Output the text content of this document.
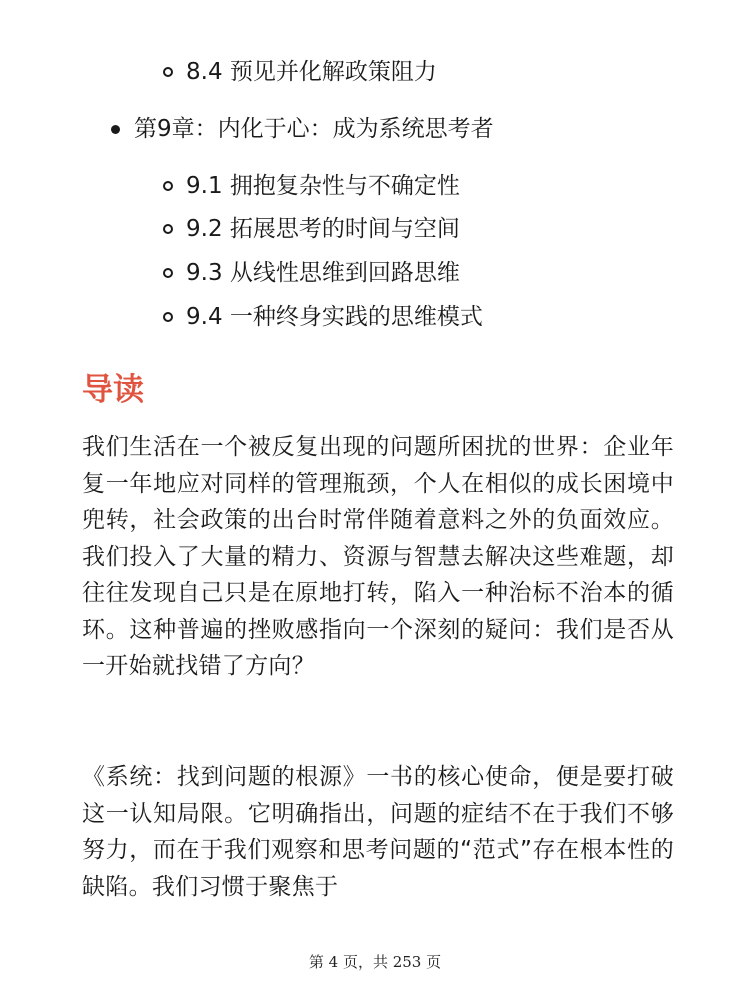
8.4 预见并化解政策阻力
第9章：内化于心：成为系统思考者
9.1 拥抱复杂性与不确定性
9.2 拓展思考的时间与空间
9.3 从线性思维到回路思维
9.4 一种终身实践的思维模式
导读

我们生活在一个被反复出现的问题所困扰的世界：企业年复一年地应对同样的管理瓶颈，个人在相似的成长困境中兜转，社会政策的出台时常伴随着意料之外的负面效应。我们投入了大量的精力、资源与智慧去解决这些难题，却往往发现自己只是在原地打转，陷入一种治标不治本的循环。这种普遍的挫败感指向一个深刻的疑问：我们是否从一开始就找错了方向？

《系统：找到问题的根源》一书的核心使命，便是要打破这一认知局限。它明确指出，问题的症结不在于我们不够努力，而在于我们观察和思考问题的“范式”存在根本性的缺陷。我们习惯于聚焦于

第 4 页，共 253 页
